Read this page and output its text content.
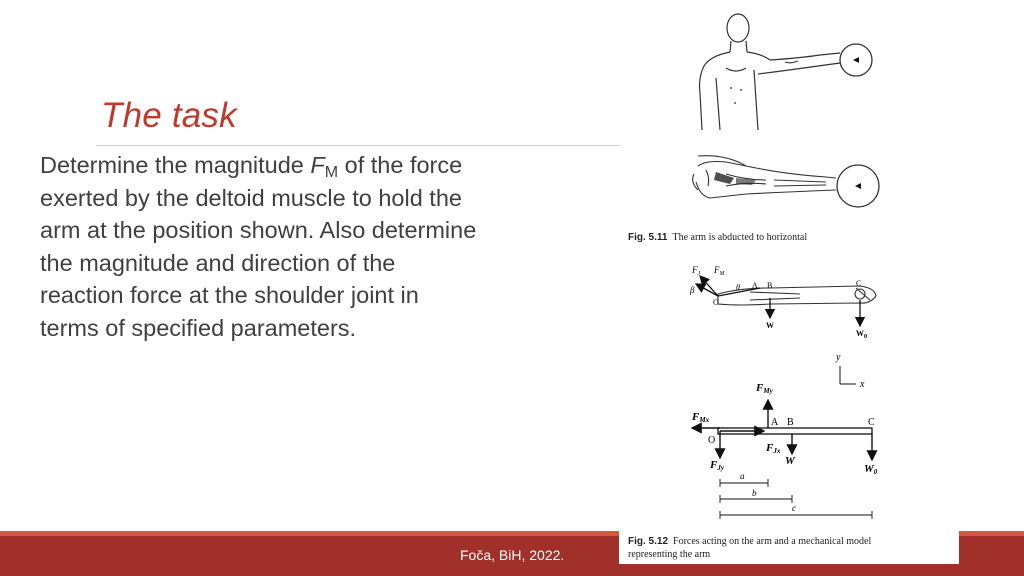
The task
Determine the magnitude $F_M$ of the force exerted by the deltoid muscle to hold the arm at the position shown. Also determine the magnitude and direction of the reaction force at the shoulder joint in terms of specified parameters.
Fig. 5.11 The arm is abducted to horizontal
$F_J$ $F_M$
β	θ
O
A B	C
W
$W_0$
y
x
FMy
FMx	A B	C
O
FJx
W
FJy	W0
a
b
c
Foča, BiH, 2022.
Fig. 5.12 Forces acting on the arm and a mechanical model
representing the arm
